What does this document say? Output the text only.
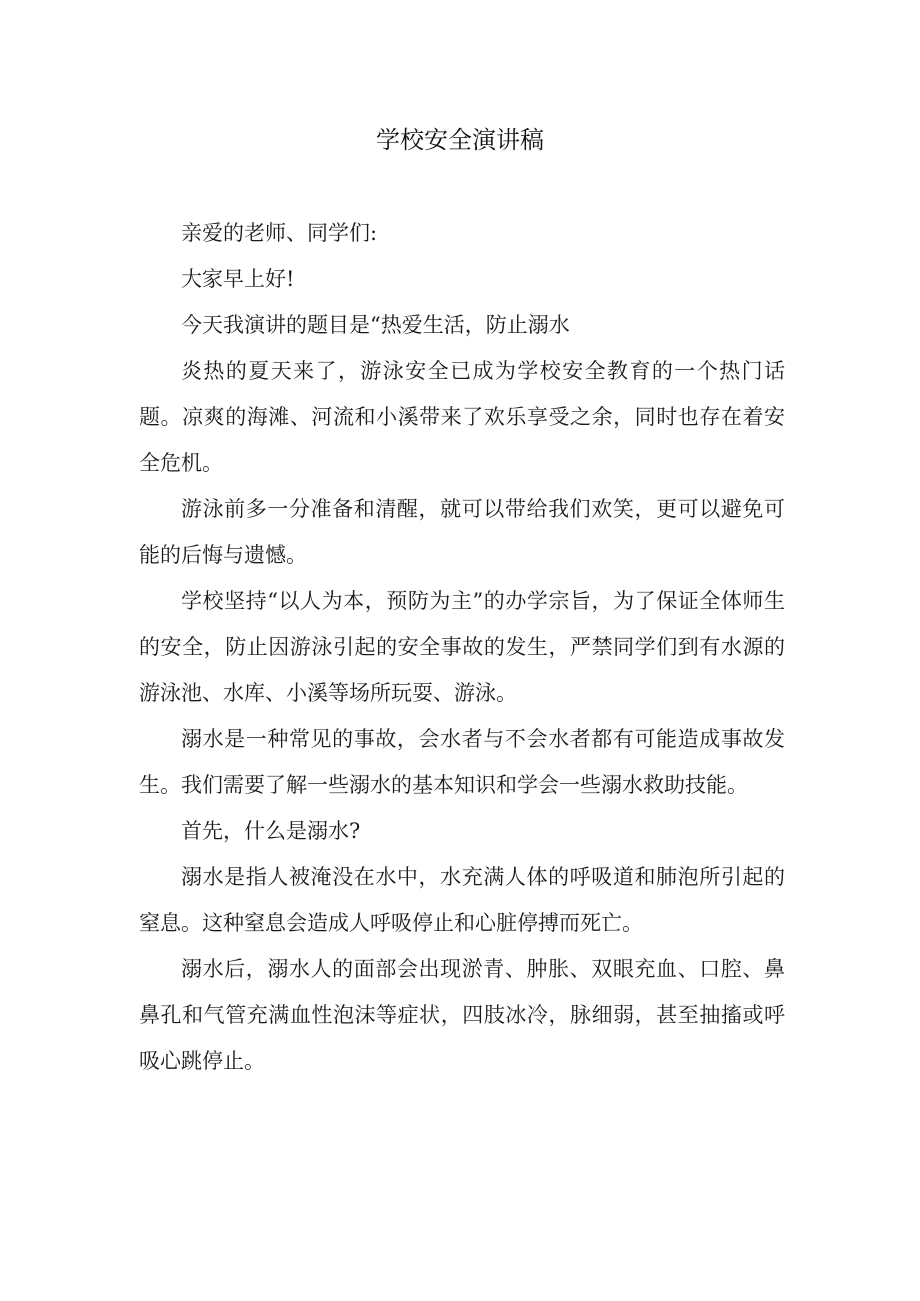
学校安全演讲稿

亲爱的老师、同学们:

大家早上好!

今天我演讲的题目是“热爱生活，防止溺水

炎热的夏天来了，游泳安全已成为学校安全教育的一个热门话题。凉爽的海滩、河流和小溪带来了欢乐享受之余，同时也存在着安全危机。

游泳前多一分准备和清醒，就可以带给我们欢笑，更可以避免可能的后悔与遗憾。

学校坚持“以人为本，预防为主”的办学宗旨，为了保证全体师生的安全，防止因游泳引起的安全事故的发生，严禁同学们到有水源的游泳池、水库、小溪等场所玩耍、游泳。

溺水是一种常见的事故，会水者与不会水者都有可能造成事故发生。我们需要了解一些溺水的基本知识和学会一些溺水救助技能。

首先，什么是溺水?

溺水是指人被淹没在水中，水充满人体的呼吸道和肺泡所引起的窒息。这种窒息会造成人呼吸停止和心脏停搏而死亡。

溺水后，溺水人的面部会出现淤青、肿胀、双眼充血、口腔、鼻鼻孔和气管充满血性泡沫等症状，四肢冰冷，脉细弱，甚至抽搐或呼吸心跳停止。
